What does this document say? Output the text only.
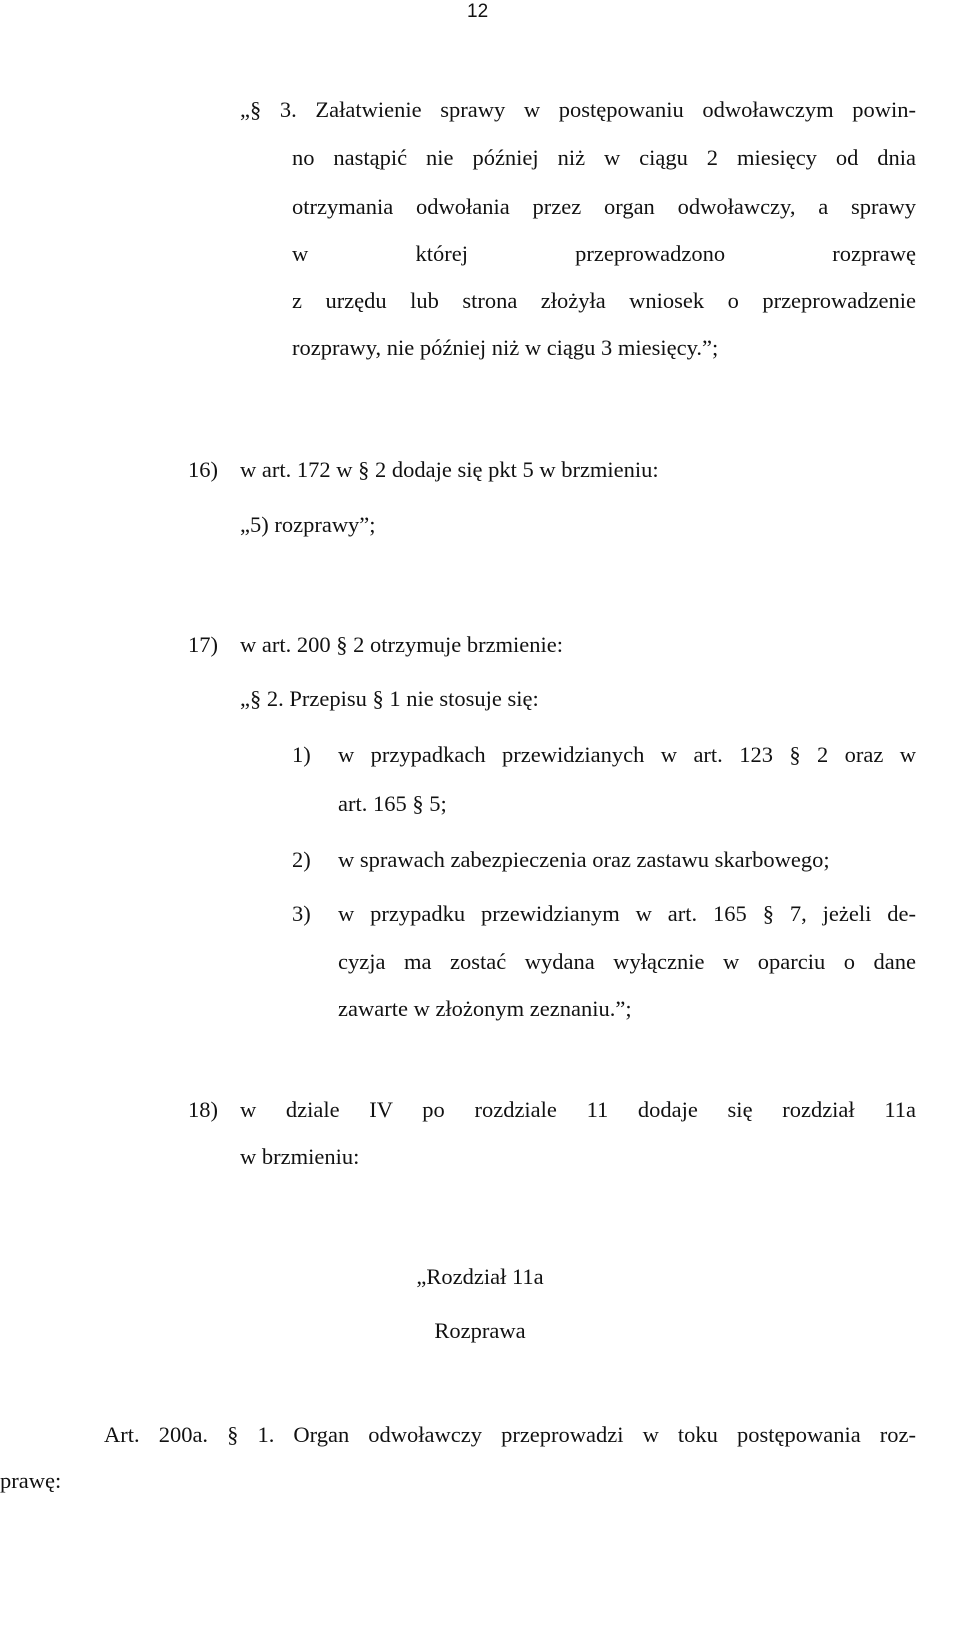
12
„§ 3. Załatwienie sprawy w postępowaniu odwoławczym powin-
no nastąpić nie później niż w ciągu 2 miesięcy od dnia
otrzymania odwołania przez organ odwoławczy, a sprawy
w której przeprowadzono rozprawę
z urzędu lub strona złożyła wniosek o przeprowadzenie
rozprawy, nie później niż w ciągu 3 miesięcy.”;
16) w art. 172 w § 2 dodaje się pkt 5 w brzmieniu:
„5) rozprawy”;
17) w art. 200 § 2 otrzymuje brzmienie:
„§ 2. Przepisu § 1 nie stosuje się:
1) w przypadkach przewidzianych w art. 123 § 2 oraz w
art. 165 § 5;
2) w sprawach zabezpieczenia oraz zastawu skarbowego;
3) w przypadku przewidzianym w art. 165 § 7, jeżeli de-
cyzja ma zostać wydana wyłącznie w oparciu o dane
zawarte w złożonym zeznaniu.”;
18) w dziale IV po rozdziale 11 dodaje się rozdział 11a
w brzmieniu:
„Rozdział 11a
Rozprawa
Art. 200a. § 1. Organ odwoławczy przeprowadzi w toku postępowania roz-
prawę:
